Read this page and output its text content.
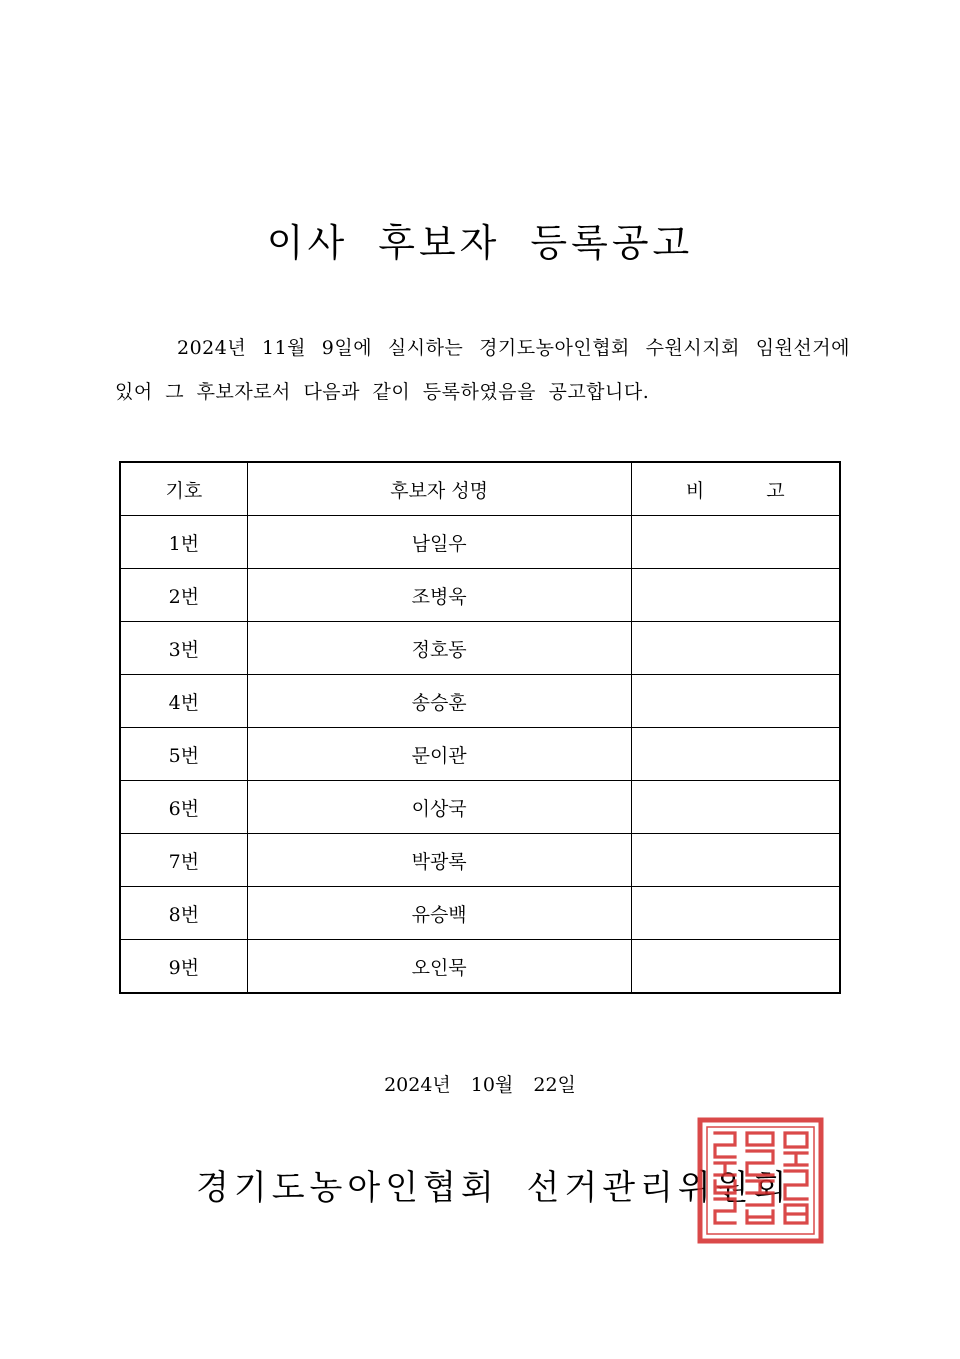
이사 후보자 등록공고
2024년 11월 9일에 실시하는 경기도농아인협회 수원시지회 임원선거에 있어 그 후보자로서 다음과 같이 등록하였음을 공고합니다.
기호	후보자 성명	비 고
1번	남일우	
2번	조병욱	
3번	정호동	
4번	송승훈	
5번	문이관	
6번	이상국	
7번	박광록	
8번	유승백	
9번	오인묵	
2024년 10월 22일
경기도농아인협회 선거관리위원회
